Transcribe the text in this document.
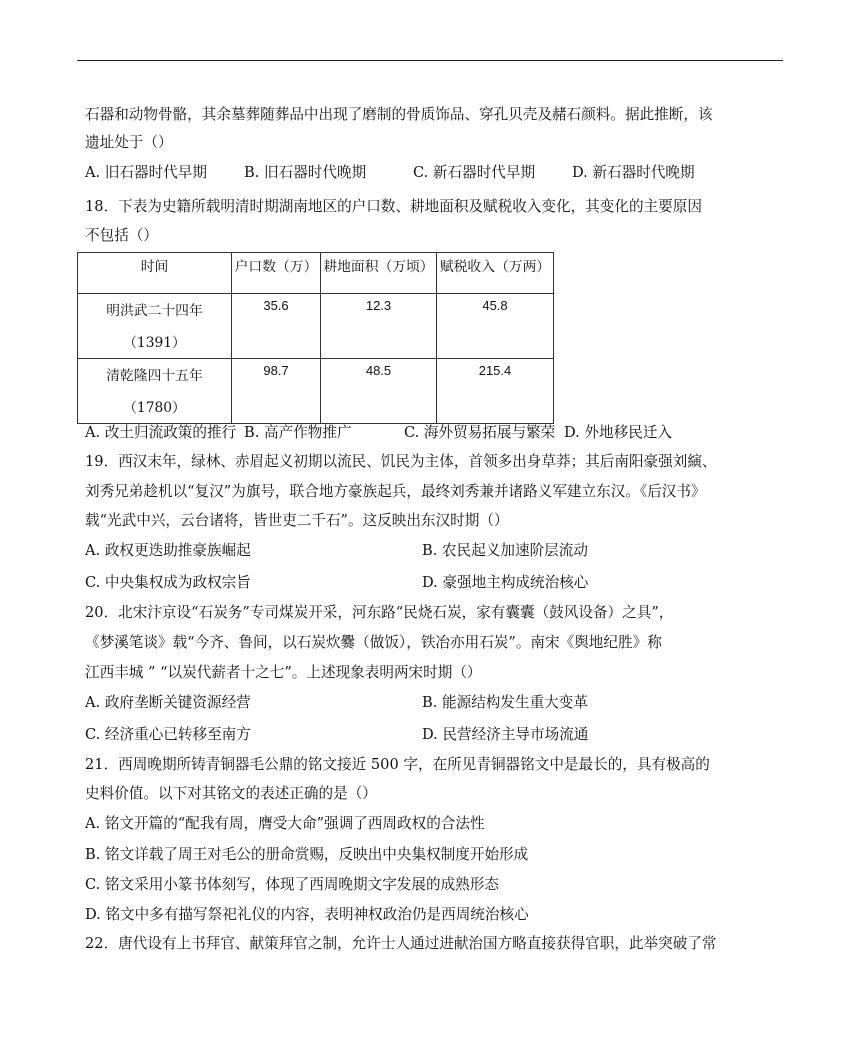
石器和动物骨骼，其余墓葬随葬品中出现了磨制的骨质饰品、穿孔贝壳及赭石颜料。据此推断，该
遗址处于（）
A. 旧石器时代早期	B. 旧石器时代晚期	C. 新石器时代早期	D. 新石器时代晚期
18．下表为史籍所载明清时期湖南地区的户口数、耕地面积及赋税收入变化，其变化的主要原因
不包括（）
时间	户口数（万）	耕地面积（万顷）	赋税收入（万两）

明洪武二十四年
（1391）	35.6	12.3	45.8

清乾隆四十五年
（1780）	98.7	48.5	215.4
A. 改土归流政策的推行 B. 高产作物推广	C. 海外贸易拓展与繁荣 D. 外地移民迁入
19．西汉末年，绿林、赤眉起义初期以流民、饥民为主体，首领多出身草莽；其后南阳豪强刘縯、
刘秀兄弟趁机以“复汉”为旗号，联合地方豪族起兵，最终刘秀兼并诸路义军建立东汉。《后汉书》
载“光武中兴，云台诸将，皆世吏二千石”。这反映出东汉时期（）
A. 政权更迭助推豪族崛起	B. 农民起义加速阶层流动
C. 中央集权成为政权宗旨	D. 豪强地主构成统治核心
20．北宋汴京设“石炭务”专司煤炭开采，河东路“民烧石炭，家有囊囊（鼓风设备）之具”，
《梦溪笔谈》载“今齐、鲁间，以石炭炊爨（做饭），铁冶亦用石炭”。南宋《舆地纪胜》称
江西丰城 ” “以炭代薪者十之七”。上述现象表明两宋时期（）
A. 政府垄断关键资源经营	B. 能源结构发生重大变革
C. 经济重心已转移至南方	D. 民营经济主导市场流通
21．西周晚期所铸青铜器毛公鼎的铭文接近 500 字，在所见青铜器铭文中是最长的，具有极高的
史料价值。以下对其铭文的表述正确的是（）
A. 铭文开篇的“配我有周，膺受大命”强调了西周政权的合法性
B. 铭文详载了周王对毛公的册命赏赐，反映出中央集权制度开始形成
C. 铭文采用小篆书体刻写，体现了西周晚期文字发展的成熟形态
D. 铭文中多有描写祭祀礼仪的内容，表明神权政治仍是西周统治核心
22．唐代设有上书拜官、献策拜官之制，允许士人通过进献治国方略直接获得官职，此举突破了常
